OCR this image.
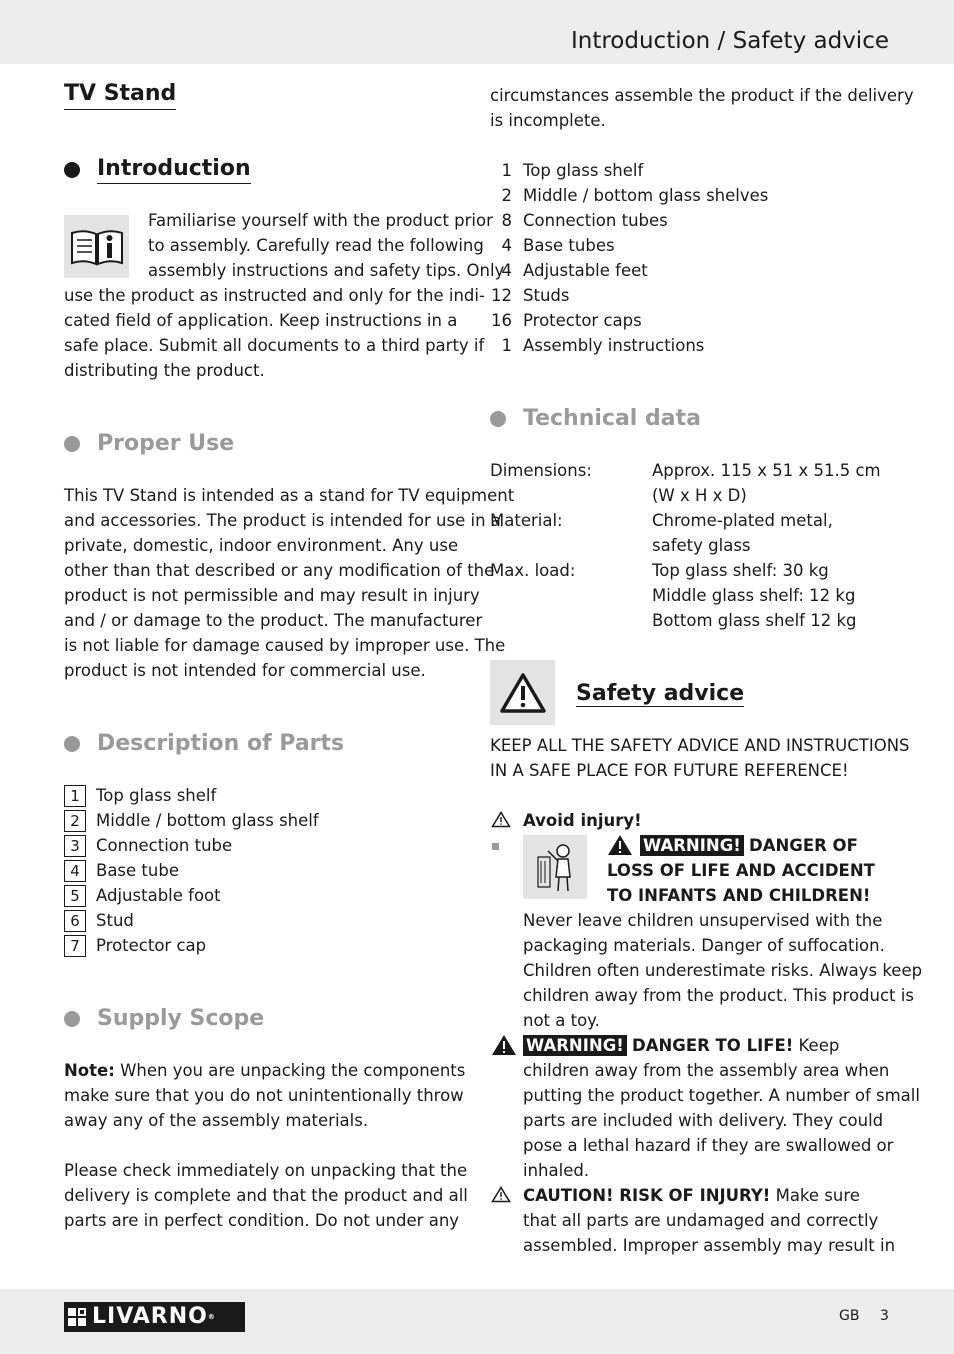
Introduction / Safety advice
TV Stand
Introduction
Familiarise yourself with the product prior
to assembly. Carefully read the following
assembly instructions and safety tips. Only
use the product as instructed and only for the indi-
cated field of application. Keep instructions in a
safe place. Submit all documents to a third party if
distributing the product.
Proper Use
This TV Stand is intended as a stand for TV equipment
and accessories. The product is intended for use in a
private, domestic, indoor environment. Any use
other than that described or any modification of the
product is not permissible and may result in injury
and / or damage to the product. The manufacturer
is not liable for damage caused by improper use. The
product is not intended for commercial use.
Description of Parts
1 Top glass shelf
2 Middle / bottom glass shelf
3 Connection tube
4 Base tube
5 Adjustable foot
6 Stud
7 Protector cap
Supply Scope
Note: When you are unpacking the components
make sure that you do not unintentionally throw
away any of the assembly materials.
Please check immediately on unpacking that the
delivery is complete and that the product and all
parts are in perfect condition. Do not under any
circumstances assemble the product if the delivery
is incomplete.
1 Top glass shelf
2 Middle / bottom glass shelves
8 Connection tubes
4 Base tubes
4 Adjustable feet
12 Studs
16 Protector caps
1 Assembly instructions
Technical data
Dimensions:	Approx. 115 x 51 x 51.5 cm
(W x H x D)
Material:	Chrome-plated metal,
safety glass
Max. load:	Top glass shelf: 30 kg
Middle glass shelf: 12 kg
Bottom glass shelf 12 kg
Safety advice
KEEP ALL THE SAFETY ADVICE AND INSTRUCTIONS
IN A SAFE PLACE FOR FUTURE REFERENCE!
Avoid injury!
WARNING! DANGER OF
LOSS OF LIFE AND ACCIDENT
TO INFANTS AND CHILDREN!
Never leave children unsupervised with the
packaging materials. Danger of suffocation.
Children often underestimate risks. Always keep
children away from the product. This product is
not a toy.
WARNING! DANGER TO LIFE! Keep
children away from the assembly area when
putting the product together. A number of small
parts are included with delivery. They could
pose a lethal hazard if they are swallowed or
inhaled.
CAUTION! RISK OF INJURY! Make sure
that all parts are undamaged and correctly
assembled. Improper assembly may result in
LIVARNO®	GB 3
